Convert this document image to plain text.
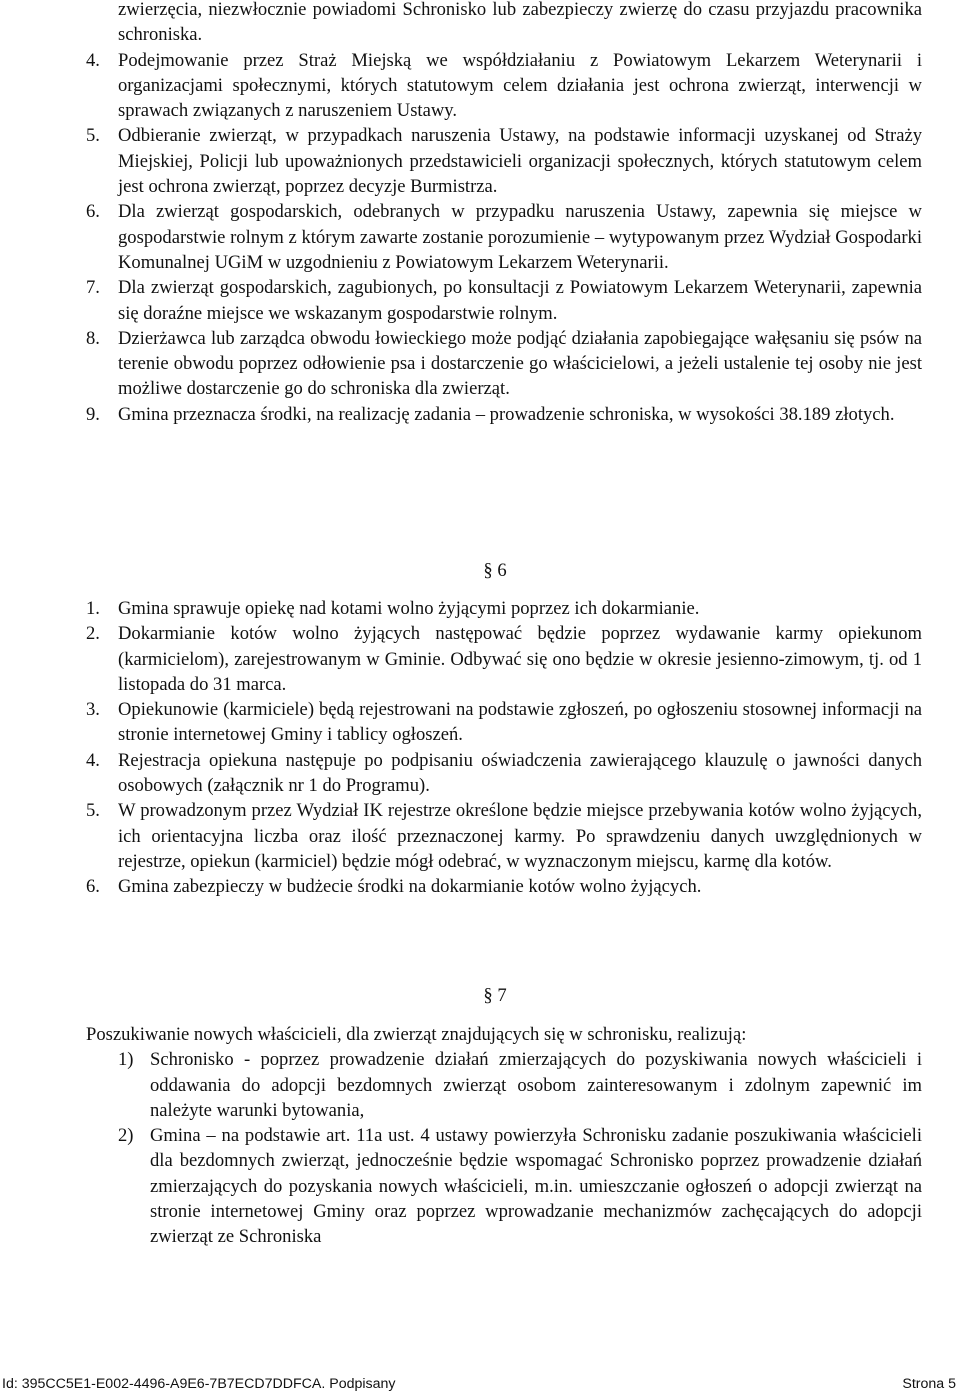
zwierzęcia, niezwłocznie powiadomi Schronisko lub zabezpieczy zwierzę do czasu przyjazdu pracownika schroniska.
4. Podejmowanie przez Straż Miejską we współdziałaniu z Powiatowym Lekarzem Weterynarii i organizacjami społecznymi, których statutowym celem działania jest ochrona zwierząt, interwencji w sprawach związanych z naruszeniem Ustawy.
5. Odbieranie zwierząt, w przypadkach naruszenia Ustawy, na podstawie informacji uzyskanej od Straży Miejskiej, Policji lub upoważnionych przedstawicieli organizacji społecznych, których statutowym celem jest ochrona zwierząt, poprzez decyzje Burmistrza.
6. Dla zwierząt gospodarskich, odebranych w przypadku naruszenia Ustawy, zapewnia się miejsce w gospodarstwie rolnym z którym zawarte zostanie porozumienie – wytypowanym przez Wydział Gospodarki Komunalnej UGiM w uzgodnieniu z Powiatowym Lekarzem Weterynarii.
7. Dla zwierząt gospodarskich, zagubionych, po konsultacji z Powiatowym Lekarzem Weterynarii, zapewnia się doraźne miejsce we wskazanym gospodarstwie rolnym.
8. Dzierżawca lub zarządca obwodu łowieckiego może podjąć działania zapobiegające wałęsaniu się psów na terenie obwodu poprzez odłowienie psa i dostarczenie go właścicielowi, a jeżeli ustalenie tej osoby nie jest możliwe dostarczenie go do schroniska dla zwierząt.
9. Gmina przeznacza środki, na realizację zadania – prowadzenie schroniska, w wysokości 38.189 złotych.
§ 6
1. Gmina sprawuje opiekę nad kotami wolno żyjącymi poprzez ich dokarmianie.
2. Dokarmianie kotów wolno żyjących następować będzie poprzez wydawanie karmy opiekunom (karmicielom), zarejestrowanym w Gminie. Odbywać się ono będzie w okresie jesienno-zimowym, tj. od 1 listopada do 31 marca.
3. Opiekunowie (karmiciele) będą rejestrowani na podstawie zgłoszeń, po ogłoszeniu stosownej informacji na stronie internetowej Gminy i tablicy ogłoszeń.
4. Rejestracja opiekuna następuje po podpisaniu oświadczenia zawierającego klauzulę o jawności danych osobowych (załącznik nr 1 do Programu).
5. W prowadzonym przez Wydział IK rejestrze określone będzie miejsce przebywania kotów wolno żyjących, ich orientacyjna liczba oraz ilość przeznaczonej karmy. Po sprawdzeniu danych uwzględnionych w rejestrze, opiekun (karmiciel) będzie mógł odebrać, w wyznaczonym miejscu, karmę dla kotów.
6. Gmina zabezpieczy w budżecie środki na dokarmianie kotów wolno żyjących.
§ 7
Poszukiwanie nowych właścicieli, dla zwierząt znajdujących się w schronisku, realizują:
1) Schronisko - poprzez prowadzenie działań zmierzających do pozyskiwania nowych właścicieli i oddawania do adopcji bezdomnych zwierząt osobom zainteresowanym i zdolnym zapewnić im należyte warunki bytowania,
2) Gmina – na podstawie art. 11a ust. 4 ustawy powierzyła Schronisku zadanie poszukiwania właścicieli dla bezdomnych zwierząt, jednocześnie będzie wspomagać Schronisko poprzez prowadzenie działań zmierzających do pozyskania nowych właścicieli, m.in. umieszczanie ogłoszeń o adopcji zwierząt na stronie internetowej Gminy oraz poprzez wprowadzanie mechanizmów zachęcających do adopcji zwierząt ze Schroniska
Id: 395CC5E1-E002-4496-A9E6-7B7ECD7DDFCA. Podpisany	Strona 5
